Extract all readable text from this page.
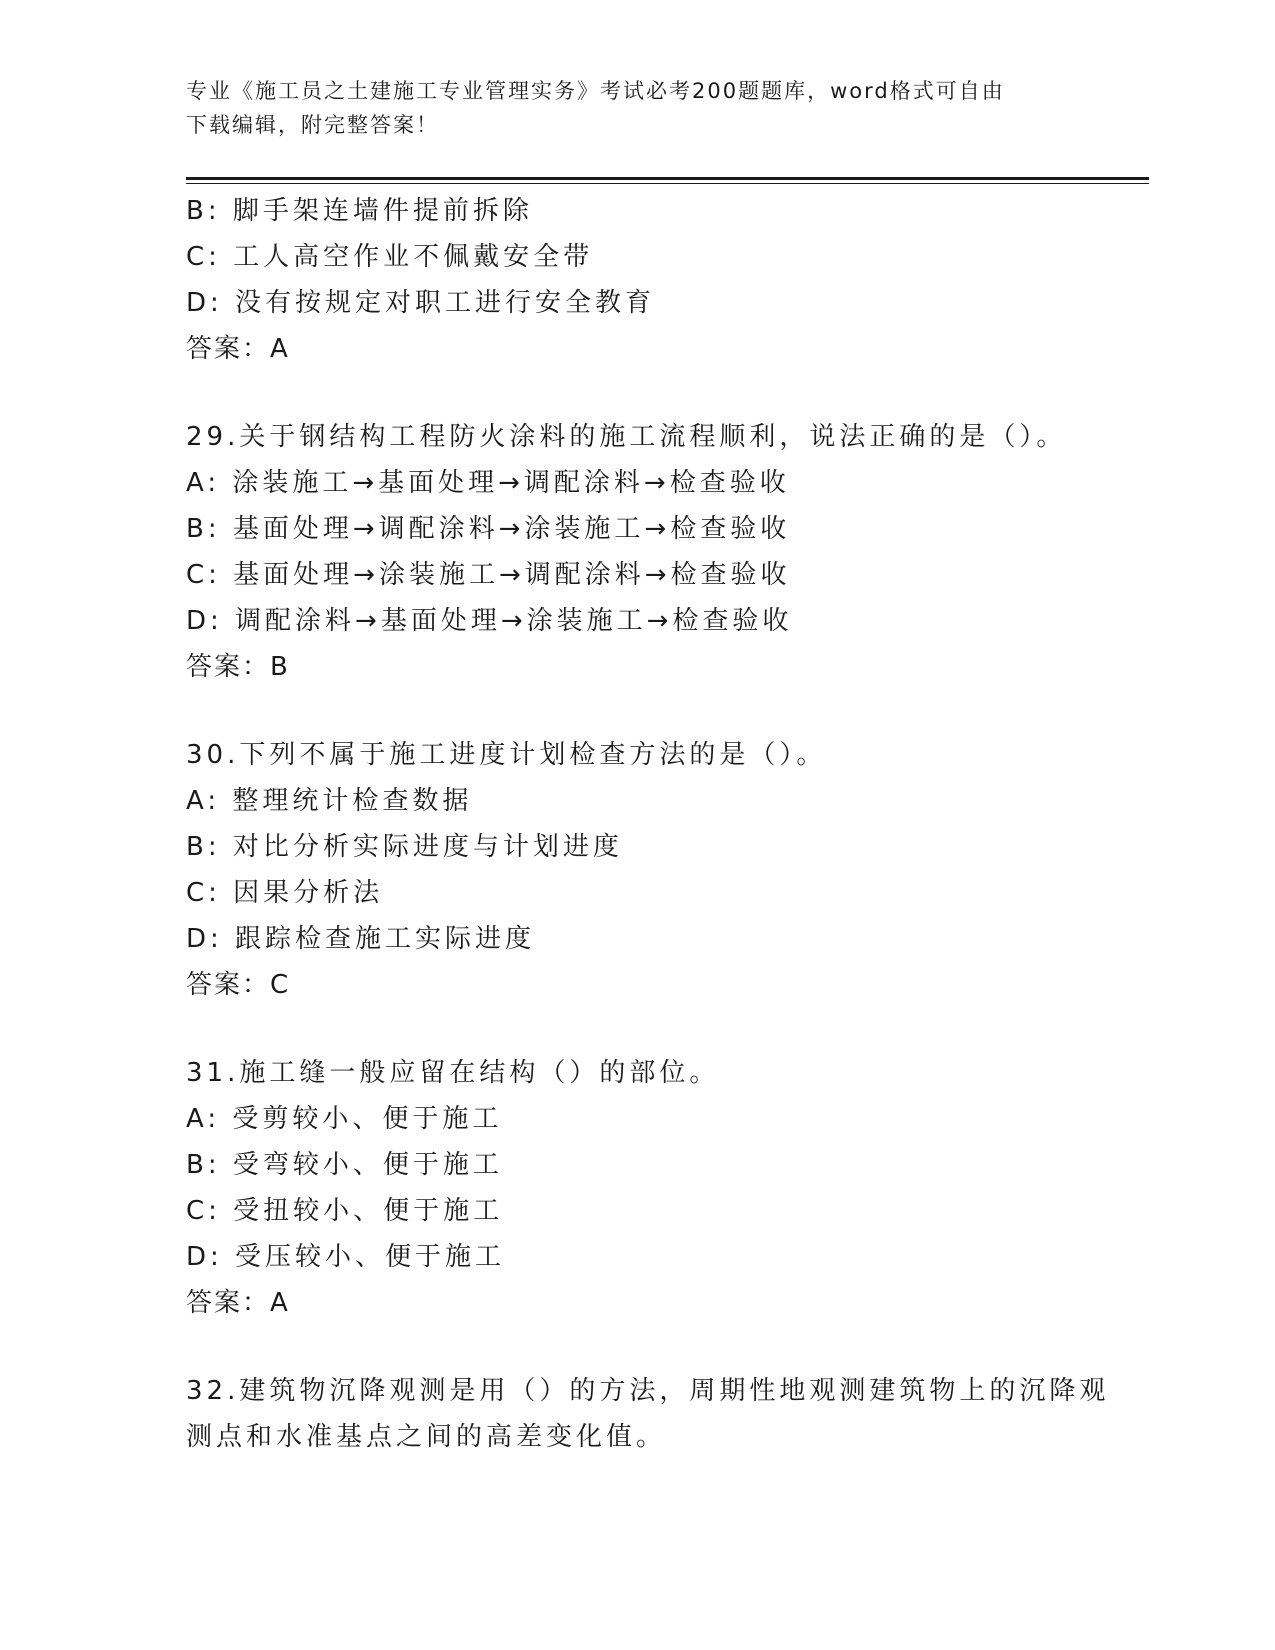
专业《施工员之土建施工专业管理实务》考试必考200题题库，word格式可自由
下载编辑，附完整答案！
B: 脚手架连墙件提前拆除
C: 工人高空作业不佩戴安全带
D: 没有按规定对职工进行安全教育
答案：A
29.关于钢结构工程防火涂料的施工流程顺利，说法正确的是（）。
A: 涂装施工→基面处理→调配涂料→检查验收
B: 基面处理→调配涂料→涂装施工→检查验收
C: 基面处理→涂装施工→调配涂料→检查验收
D: 调配涂料→基面处理→涂装施工→检查验收
答案：B
30.下列不属于施工进度计划检查方法的是（）。
A: 整理统计检查数据
B: 对比分析实际进度与计划进度
C: 因果分析法
D: 跟踪检查施工实际进度
答案：C
31.施工缝一般应留在结构（）的部位。
A: 受剪较小、便于施工
B: 受弯较小、便于施工
C: 受扭较小、便于施工
D: 受压较小、便于施工
答案：A
32.建筑物沉降观测是用（）的方法，周期性地观测建筑物上的沉降观
测点和水准基点之间的高差变化值。
